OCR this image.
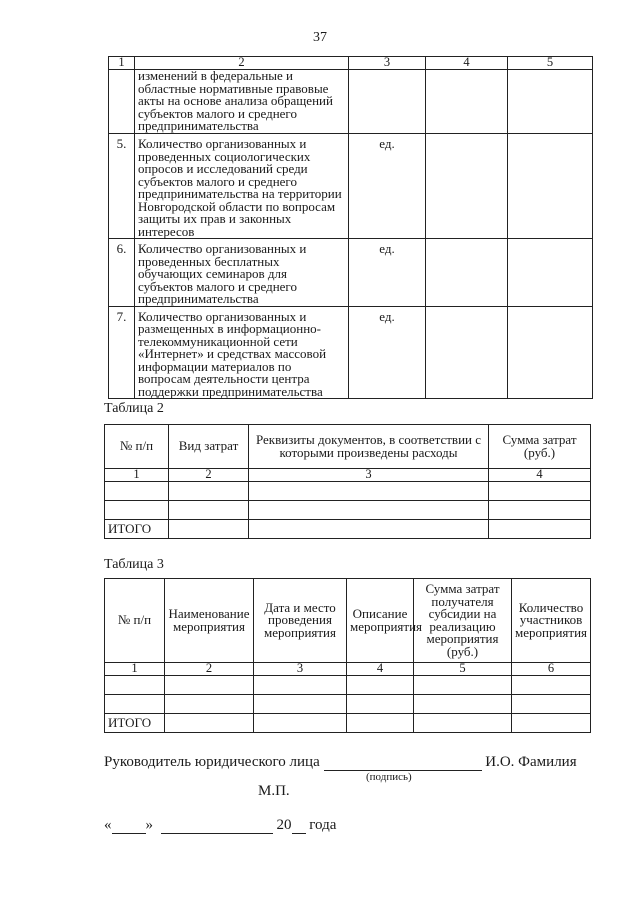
37
1	2	3	4	5
	изменений в федеральные и областные нормативные правовые акты на основе анализа обращений субъектов малого и среднего предпринимательства			
5.	Количество организованных и проведенных социологических опросов и исследований среди субъектов малого и среднего предпринимательства на территории Новгородской области по вопросам защиты их прав и законных интересов	ед.		
6.	Количество организованных и проведенных бесплатных обучающих семинаров для субъектов малого и среднего предпринимательства	ед.		
7.	Количество организованных и размещенных в информационно-телекоммуникационной сети «Интернет» и средствах массовой информации материалов по вопросам деятельности центра поддержки предпринимательства	ед.		
Таблица 2
№ п/п	Вид затрат	Реквизиты документов, в соответствии с которыми произведены расходы	Сумма затрат (руб.)
1	2	3	4

ИТОГО			
Таблица 3
№ п/п	Наименование мероприятия	Дата и место проведения мероприятия	Описание мероприятия	Сумма затрат получателя субсидии на реализацию мероприятия (руб.)	Количество участников мероприятия
1	2	3	4	5	6

ИТОГО					
Руководитель юридического лица	И.О. Фамилия
(подпись)
М.П.
« »	20 года
